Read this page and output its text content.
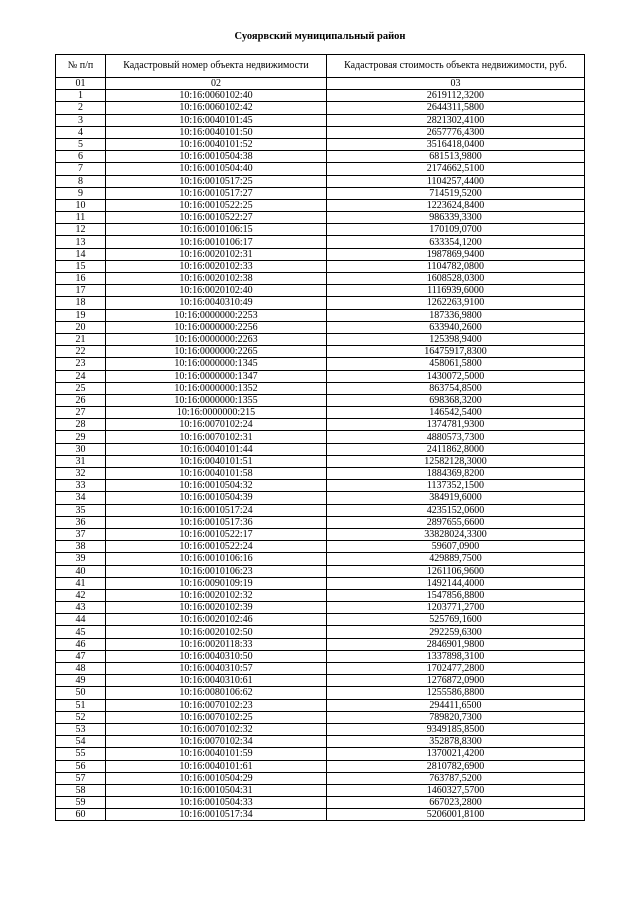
Суоярвский муниципальный район
№ п/п	Кадастровый номер объекта недвижимости	Кадастровая стоимость объекта недвижимости, руб.
01	02	03
1	10:16:0060102:40	2619112,3200
2	10:16:0060102:42	2644311,5800
3	10:16:0040101:45	2821302,4100
4	10:16:0040101:50	2657776,4300
5	10:16:0040101:52	3516418,0400
6	10:16:0010504:38	681513,9800
7	10:16:0010504:40	2174662,5100
8	10:16:0010517:25	1104257,4400
9	10:16:0010517:27	714519,5200
10	10:16:0010522:25	1223624,8400
11	10:16:0010522:27	986339,3300
12	10:16:0010106:15	170109,0700
13	10:16:0010106:17	633354,1200
14	10:16:0020102:31	1987869,9400
15	10:16:0020102:33	1104782,0800
16	10:16:0020102:38	1608528,0300
17	10:16:0020102:40	1116939,6000
18	10:16:0040310:49	1262263,9100
19	10:16:0000000:2253	187336,9800
20	10:16:0000000:2256	633940,2600
21	10:16:0000000:2263	125398,9400
22	10:16:0000000:2265	16475917,8300
23	10:16:0000000:1345	458061,5800
24	10:16:0000000:1347	1430072,5000
25	10:16:0000000:1352	863754,8500
26	10:16:0000000:1355	698368,3200
27	10:16:0000000:215	146542,5400
28	10:16:0070102:24	1374781,9300
29	10:16:0070102:31	4880573,7300
30	10:16:0040101:44	2411862,8000
31	10:16:0040101:51	12582128,3000
32	10:16:0040101:58	1884369,8200
33	10:16:0010504:32	1137352,1500
34	10:16:0010504:39	384919,6000
35	10:16:0010517:24	4235152,0600
36	10:16:0010517:36	2897655,6600
37	10:16:0010522:17	33828024,3300
38	10:16:0010522:24	59607,0900
39	10:16:0010106:16	429889,7500
40	10:16:0010106:23	1261106,9600
41	10:16:0090109:19	1492144,4000
42	10:16:0020102:32	1547856,8800
43	10:16:0020102:39	1203771,2700
44	10:16:0020102:46	525769,1600
45	10:16:0020102:50	292259,6300
46	10:16:0020118:33	2846901,9800
47	10:16:0040310:50	1337898,3100
48	10:16:0040310:57	1702477,2800
49	10:16:0040310:61	1276872,0900
50	10:16:0080106:62	1255586,8800
51	10:16:0070102:23	294411,6500
52	10:16:0070102:25	789820,7300
53	10:16:0070102:32	9349185,8500
54	10:16:0070102:34	352878,8300
55	10:16:0040101:59	1370021,4200
56	10:16:0040101:61	2810782,6900
57	10:16:0010504:29	763787,5200
58	10:16:0010504:31	1460327,5700
59	10:16:0010504:33	667023,2800
60	10:16:0010517:34	5206001,8100
